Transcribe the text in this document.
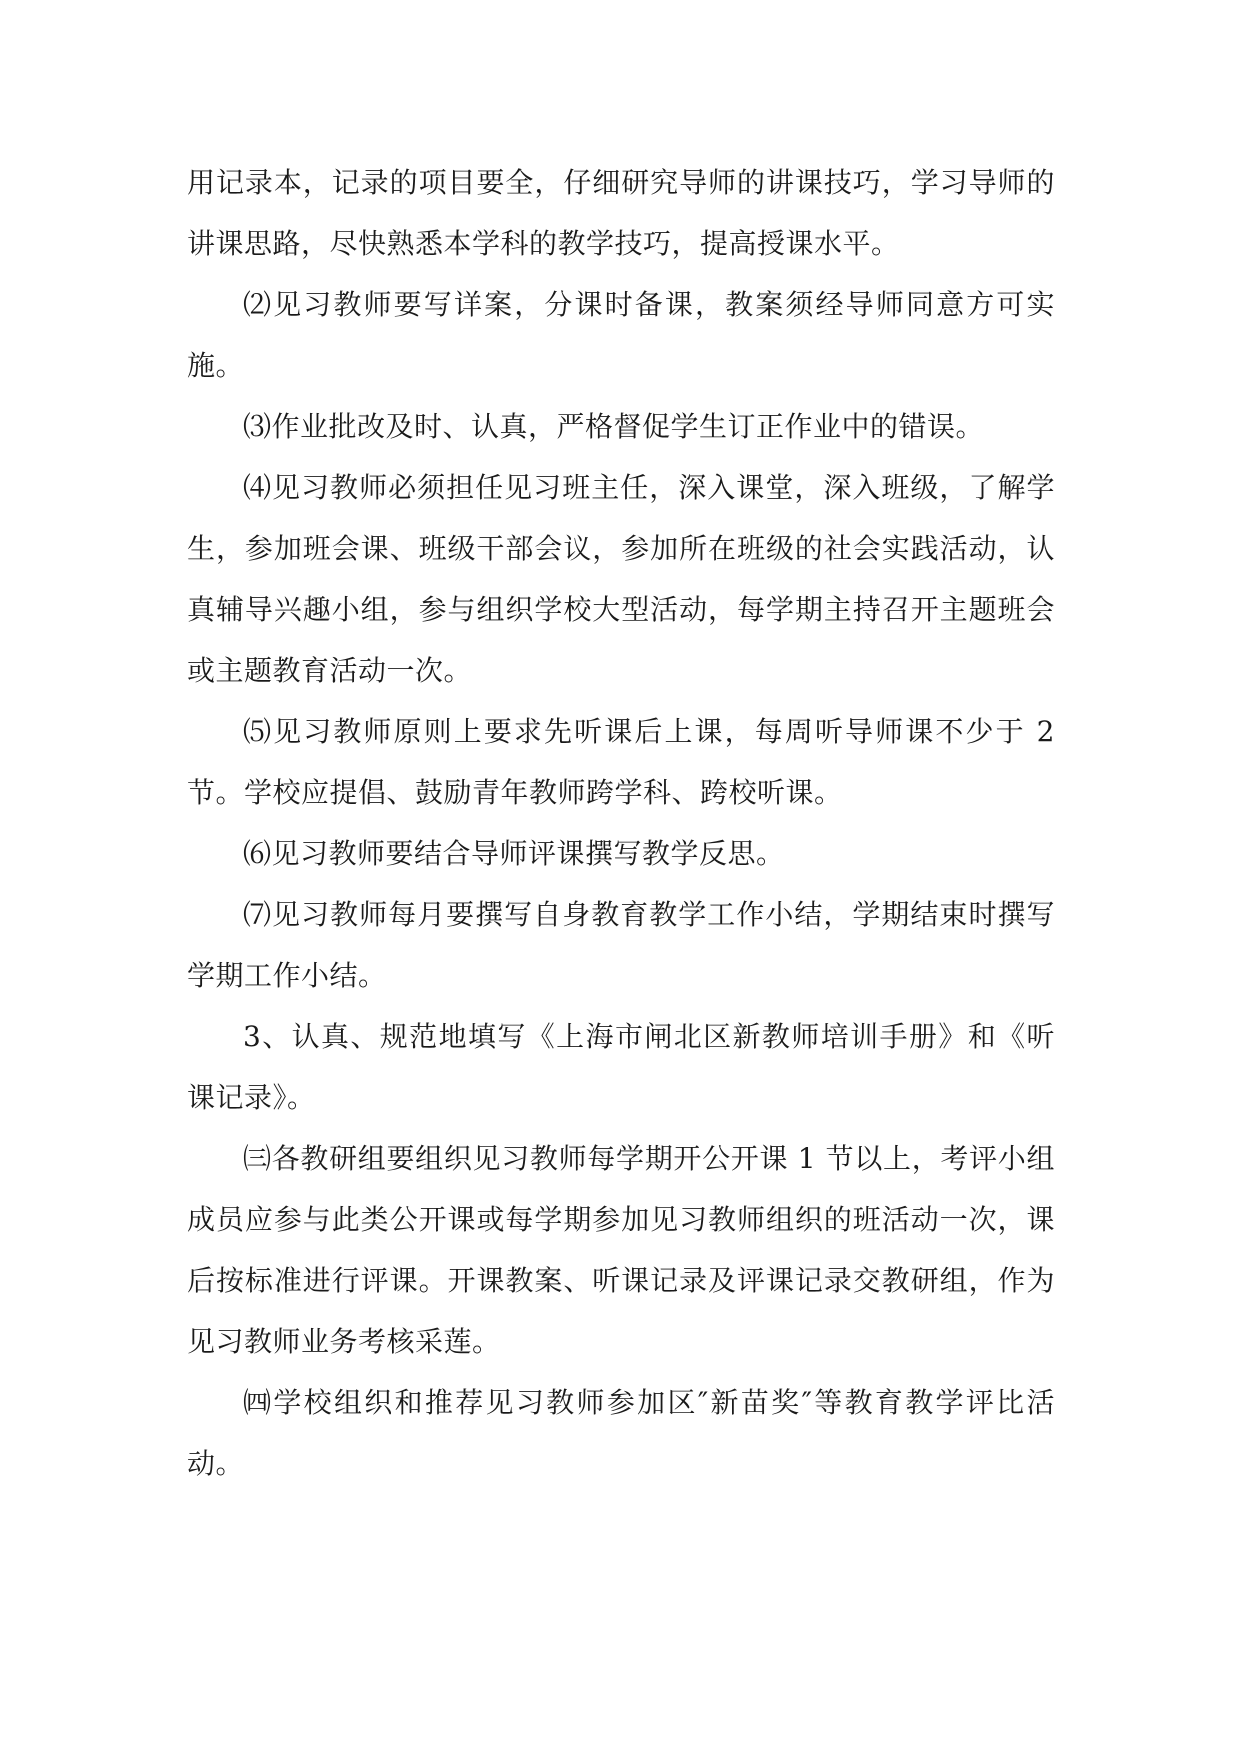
用记录本，记录的项目要全，仔细研究导师的讲课技巧，学习导师的讲课思路，尽快熟悉本学科的教学技巧，提高授课水平。

⑵见习教师要写详案，分课时备课，教案须经导师同意方可实施。

⑶作业批改及时、认真，严格督促学生订正作业中的错误。

⑷见习教师必须担任见习班主任，深入课堂，深入班级，了解学生，参加班会课、班级干部会议，参加所在班级的社会实践活动，认真辅导兴趣小组，参与组织学校大型活动，每学期主持召开主题班会或主题教育活动一次。

⑸见习教师原则上要求先听课后上课，每周听导师课不少于 2 节。学校应提倡、鼓励青年教师跨学科、跨校听课。

⑹见习教师要结合导师评课撰写教学反思。

⑺见习教师每月要撰写自身教育教学工作小结，学期结束时撰写学期工作小结。

3、认真、规范地填写《上海市闸北区新教师培训手册》和《听课记录》。

㈢各教研组要组织见习教师每学期开公开课 1 节以上，考评小组成员应参与此类公开课或每学期参加见习教师组织的班活动一次，课后按标准进行评课。开课教案、听课记录及评课记录交教研组，作为见习教师业务考核采莲。

㈣学校组织和推荐见习教师参加区″新苗奖″等教育教学评比活动。
